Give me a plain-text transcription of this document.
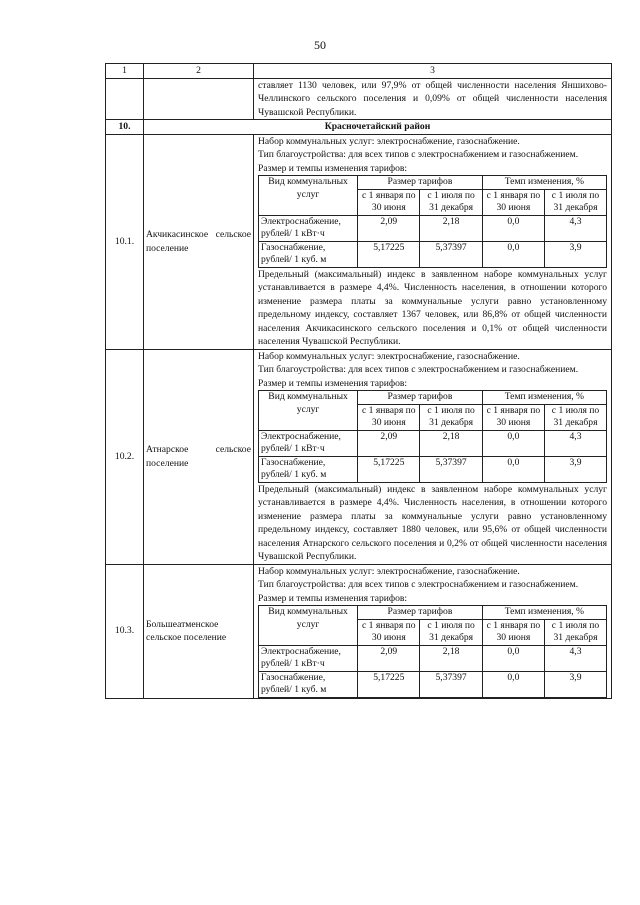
50
1	2	3
		ставляет 1130 человек, или 97,9% от общей численности населения Яншихово-Челлинского сельского поселения и 0,09% от общей численности населения Чувашской Республики.
10.	Красночетайский район
10.1.	Акчикасинское сельское поселение	
Набор коммунальных услуг: электроснабжение, газоснабжение.
Тип благоустройства: для всех типов с электроснабжением и газоснабжением.
Размер и темпы изменения тарифов:
Вид коммунальных услуг	Размер тарифов	Темп изменения, %
с 1 января по 30 июня	с 1 июля по 31 декабря	с 1 января по 30 июня	с 1 июля по 31 декабря
Электроснабжение, рублей/ 1 кВт·ч	2,09	2,18	0,0	4,3
Газоснабжение, рублей/ 1 куб. м	5,17225	5,37397	0,0	3,9
Предельный (максимальный) индекс в заявленном наборе коммунальных услуг устанавливается в размере 4,4%. Численность населения, в отношении которого изменение размера платы за коммунальные услуги равно установленному предельному индексу, составляет 1367 человек, или 86,8% от общей численности населения Акчикасинского сельского поселения и 0,1% от общей численности населения Чувашской Республики.

10.2.	Атнарское сельское поселение	
Набор коммунальных услуг: электроснабжение, газоснабжение.
Тип благоустройства: для всех типов с электроснабжением и газоснабжением.
Размер и темпы изменения тарифов:
Вид коммунальных услуг	Размер тарифов	Темп изменения, %
с 1 января по 30 июня	с 1 июля по 31 декабря	с 1 января по 30 июня	с 1 июля по 31 декабря
Электроснабжение, рублей/ 1 кВт·ч	2,09	2,18	0,0	4,3
Газоснабжение, рублей/ 1 куб. м	5,17225	5,37397	0,0	3,9
Предельный (максимальный) индекс в заявленном наборе коммунальных услуг устанавливается в размере 4,4%. Численность населения, в отношении которого изменение размера платы за коммунальные услуги равно установленному предельному индексу, составляет 1880 человек, или 95,6% от общей численности населения Атнарского сельского поселения и 0,2% от общей численности населения Чувашской Республики.

10.3.	Большеатменское сельское поселение	
Набор коммунальных услуг: электроснабжение, газоснабжение.
Тип благоустройства: для всех типов с электроснабжением и газоснабжением.
Размер и темпы изменения тарифов:
Вид коммунальных услуг	Размер тарифов	Темп изменения, %
с 1 января по 30 июня	с 1 июля по 31 декабря	с 1 января по 30 июня	с 1 июля по 31 декабря
Электроснабжение, рублей/ 1 кВт·ч	2,09	2,18	0,0	4,3
Газоснабжение, рублей/ 1 куб. м	5,17225	5,37397	0,0	3,9
